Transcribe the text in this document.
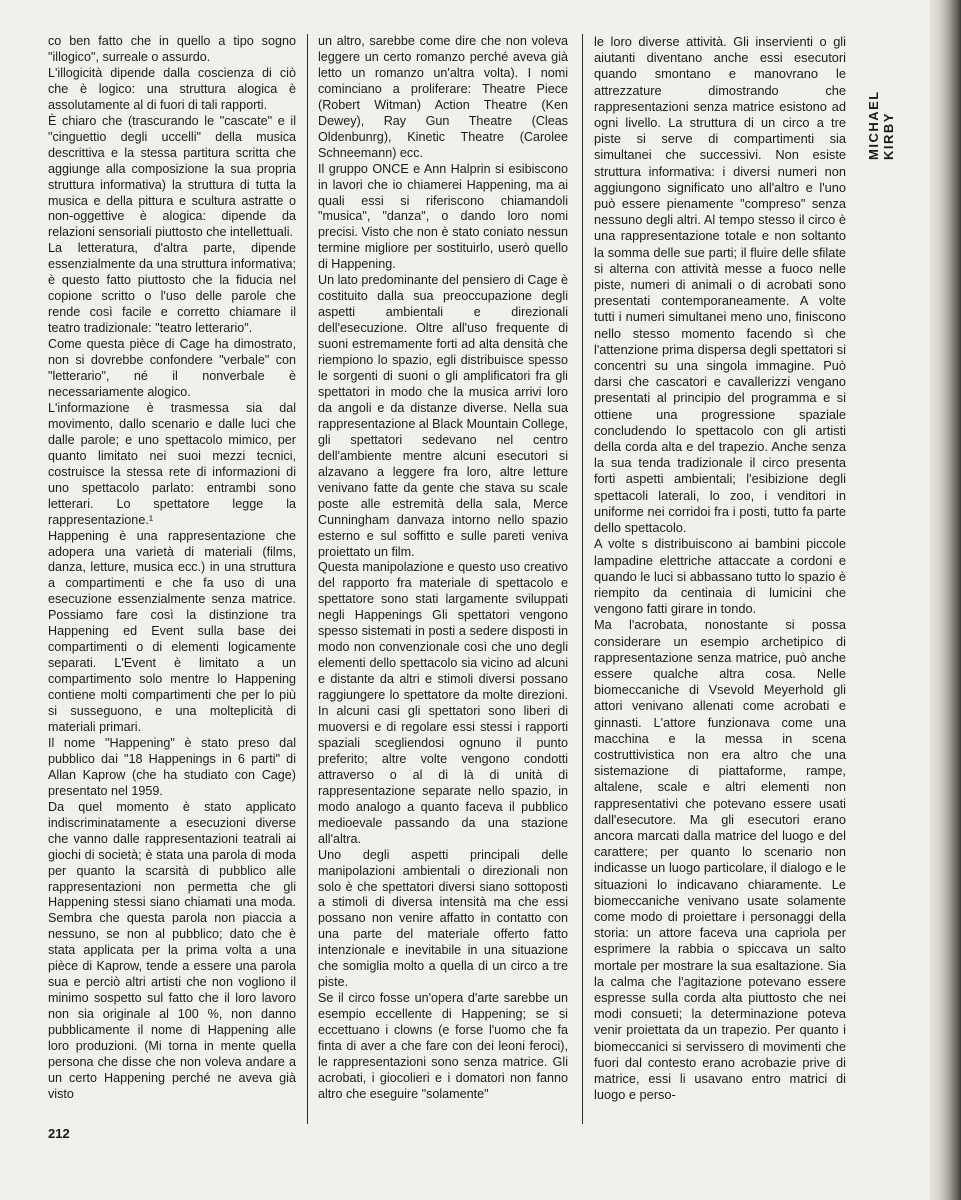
co ben fatto che in quello a tipo sogno "illogico", surreale o assurdo.

L'illogicità dipende dalla coscienza di ciò che è logico: una struttura alogica è assolutamente al di fuori di tali rapporti.

È chiaro che (trascurando le "cascate" e il "cinguettio degli uccelli" della musica descrittiva e la stessa partitura scritta che aggiunge alla composizione la sua propria struttura informativa) la struttura di tutta la musica e della pittura e scultura astratte o non-oggettive è alogica: dipende da relazioni sensoriali piuttosto che intellettuali.

La letteratura, d'altra parte, dipende essenzialmente da una struttura informativa; è questo fatto piuttosto che la fiducia nel copione scritto o l'uso delle parole che rende così facile e corretto chiamare il teatro tradizionale: "teatro letterario".

Come questa pièce di Cage ha dimostrato, non si dovrebbe confondere "verbale" con "letterario", né il nonverbale è necessariamente alogico.

L'informazione è trasmessa sia dal movimento, dallo scenario e dalle luci che dalle parole; e uno spettacolo mimico, per quanto limitato nei suoi mezzi tecnici, costruisce la stessa rete di informazioni di uno spettacolo parlato: entrambi sono letterari. Lo spettatore legge la rappresentazione.¹

Happening è una rappresentazione che adopera una varietà di materiali (films, danza, letture, musica ecc.) in una struttura a compartimenti e che fa uso di una esecuzione essenzialmente senza matrice. Possiamo fare così la distinzione tra Happening ed Event sulla base dei compartimenti o di elementi logicamente separati. L'Event è limitato a un compartimento solo mentre lo Happening contiene molti compartimenti che per lo più si susseguono, e una molteplicità di materiali primari.

Il nome "Happening" è stato preso dal pubblico dai "18 Happenings in 6 parti" di Allan Kaprow (che ha studiato con Cage) presentato nel 1959.

Da quel momento è stato applicato indiscriminatamente a esecuzioni diverse che vanno dalle rappresentazioni teatrali ai giochi di società; è stata una parola di moda per quanto la scarsità di pubblico alle rappresentazioni non permetta che gli Happening stessi siano chiamati una moda. Sembra che questa parola non piaccia a nessuno, se non al pubblico; dato che è stata applicata per la prima volta a una pièce di Kaprow, tende a essere una parola sua e perciò altri artisti che non vogliono il minimo sospetto sul fatto che il loro lavoro non sia originale al 100 %, non danno pubblicamente il nome di Happening alle loro produzioni. (Mi torna in mente quella persona che disse che non voleva andare a un certo Happening perché ne aveva già visto

un altro, sarebbe come dire che non voleva leggere un certo romanzo perché aveva già letto un romanzo un'altra volta). I nomi cominciano a proliferare: Theatre Piece (Robert Witman) Action Theatre (Ken Dewey), Ray Gun Theatre (Cleas Oldenbunrg), Kinetic Theatre (Carolee Schneemann) ecc.

Il gruppo ONCE e Ann Halprin si esibiscono in lavori che io chiamerei Happening, ma ai quali essi si riferiscono chiamandoli "musica", "danza", o dando loro nomi precisi. Visto che non è stato coniato nessun termine migliore per sostituirlo, userò quello di Happening.

Un lato predominante del pensiero di Cage è costituito dalla sua preoccupazione degli aspetti ambientali e direzionali dell'esecuzione. Oltre all'uso frequente di suoni estremamente forti ad alta densità che riempiono lo spazio, egli distribuisce spesso le sorgenti di suoni o gli amplificatori fra gli spettatori in modo che la musica arrivi loro da angoli e da distanze diverse. Nella sua rappresentazione al Black Mountain College, gli spettatori sedevano nel centro dell'ambiente mentre alcuni esecutori si alzavano a leggere fra loro, altre letture venivano fatte da gente che stava su scale poste alle estremità della sala, Merce Cunningham danvaza intorno nello spazio esterno e sul soffitto e sulle pareti veniva proiettato un film.

Questa manipolazione e questo uso creativo del rapporto fra materiale di spettacolo e spettatore sono stati largamente sviluppati negli Happenings Gli spettatori vengono spesso sistemati in posti a sedere disposti in modo non convenzionale così che uno degli elementi dello spettacolo sia vicino ad alcuni e distante da altri e stimoli diversi possano raggiungere lo spettatore da molte direzioni. In alcuni casi gli spettatori sono liberi di muoversi e di regolare essi stessi i rapporti spaziali scegliendosi ognuno il punto preferito; altre volte vengono condotti attraverso o al di là di unità di rappresentazione separate nello spazio, in modo analogo a quanto faceva il pubblico medioevale passando da una stazione all'altra.

Uno degli aspetti principali delle manipolazioni ambientali o direzionali non solo è che spettatori diversi siano sottoposti a stimoli di diversa intensità ma che essi possano non venire affatto in contatto con una parte del materiale offerto fatto intenzionale e inevitabile in una situazione che somiglia molto a quella di un circo a tre piste.

Se il circo fosse un'opera d'arte sarebbe un esempio eccellente di Happening; se si eccettuano i clowns (e forse l'uomo che fa finta di aver a che fare con dei leoni feroci), le rappresentazioni sono senza matrice. Gli acrobati, i giocolieri e i domatori non fanno altro che eseguire "solamente"

le loro diverse attività. Gli inservienti o gli aiutanti diventano anche essi esecutori quando smontano e manovrano le attrezzature dimostrando che rappresentazioni senza matrice esistono ad ogni livello. La struttura di un circo a tre piste si serve di compartimenti sia simultanei che successivi. Non esiste struttura informativa: i diversi numeri non aggiungono significato uno all'altro e l'uno può essere pienamente "compreso" senza nessuno degli altri. Al tempo stesso il circo è una rappresentazione totale e non soltanto la somma delle sue parti; il fluire delle sfilate si alterna con attività messe a fuoco nelle piste, numeri di animali o di acrobati sono presentati contemporaneamente. A volte tutti i numeri simultanei meno uno, finiscono nello stesso momento facendo sì che l'attenzione prima dispersa degli spettatori si concentri su una singola immagine. Può darsi che cascatori e cavallerizzi vengano presentati al principio del programma e si ottiene una progressione spaziale concludendo lo spettacolo con gli artisti della corda alta e del trapezio. Anche senza la sua tenda tradizionale il circo presenta forti aspetti ambientali; l'esibizione degli spettacoli laterali, lo zoo, i venditori in uniforme nei corridoi fra i posti, tutto fa parte dello spettacolo.

A volte s distribuiscono ai bambini piccole lampadine elettriche attaccate a cordoni e quando le luci si abbassano tutto lo spazio è riempito da centinaia di lumicini che vengono fatti girare in tondo.

Ma l'acrobata, nonostante si possa considerare un esempio archetipico di rappresentazione senza matrice, può anche essere qualche altra cosa. Nelle biomeccaniche di Vsevold Meyerhold gli attori venivano allenati come acrobati e ginnasti. L'attore funzionava come una macchina e la messa in scena costruttivistica non era altro che una sistemazione di piattaforme, rampe, altalene, scale e altri elementi non rappresentativi che potevano essere usati dall'esecutore. Ma gli esecutori erano ancora marcati dalla matrice del luogo e del carattere; per quanto lo scenario non indicasse un luogo particolare, il dialogo e le situazioni lo indicavano chiaramente. Le biomeccaniche venivano usate solamente come modo di proiettare i personaggi della storia: un attore faceva una capriola per esprimere la rabbia o spiccava un salto mortale per mostrare la sua esaltazione. Sia la calma che l'agitazione potevano essere espresse sulla corda alta piuttosto che nei modi consueti; la determinazione poteva venir proiettata da un trapezio. Per quanto i biomeccanici si servissero di movimenti che fuori dal contesto erano acrobazie prive di matrice, essi li usavano entro matrici di luogo e perso-

MICHAEL KIRBY
212
